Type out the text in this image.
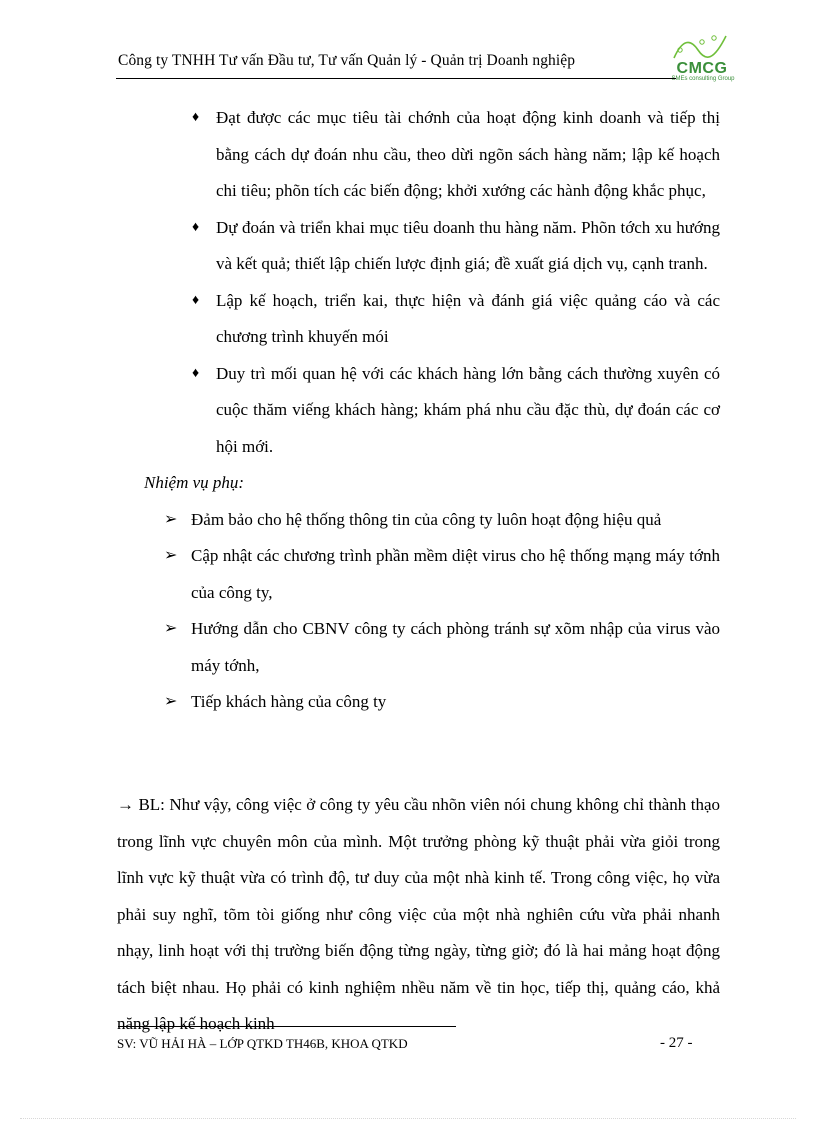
Công ty TNHH Tư vấn Đầu tư, Tư vấn Quản lý - Quản trị Doanh nghiệp	CMCG
SMEs consulting Group
♦ Đạt được các mục tiêu tài chớnh của hoạt động kinh doanh và tiếp thị bằng cách dự đoán nhu cầu, theo dừi ngõn sách hàng năm; lập kế hoạch chi tiêu; phõn tích các biến động; khởi xướng các hành động khắc phục,
♦ Dự đoán và triển khai mục tiêu doanh thu hàng năm. Phõn tớch xu hướng và kết quả; thiết lập chiến lược định giá; đề xuất giá dịch vụ, cạnh tranh.
♦ Lập kế hoạch, triển kai, thực hiện và đánh giá việc quảng cáo và các chương trình khuyến mói
♦ Duy trì mối quan hệ với các khách hàng lớn bằng cách thường xuyên có cuộc thăm viếng khách hàng; khám phá nhu cầu đặc thù, dự đoán các cơ hội mới.
Nhiệm vụ phụ:
➢ Đảm bảo cho hệ thống thông tin của công ty luôn hoạt động hiệu quả
➢ Cập nhật các chương trình phần mềm diệt virus cho hệ thống mạng máy tớnh của công ty,
➢ Hướng dẫn cho CBNV công ty cách phòng tránh sự xõm nhập của virus vào máy tớnh,
➢ Tiếp khách hàng của công ty
→ BL: Như vậy, công việc ở công ty yêu cầu nhõn viên nói chung không chỉ thành thạo trong lĩnh vực chuyên môn của mình. Một trưởng phòng kỹ thuật phải vừa giỏi trong lĩnh vực kỹ thuật vừa có trình độ, tư duy của một nhà kinh tế. Trong công việc, họ vừa phải suy nghĩ, tõm tòi giống như công việc của một nhà nghiên cứu vừa phải nhanh nhạy, linh hoạt với thị trường biến động từng ngày, từng giờ; đó là hai mảng hoạt động tách biệt nhau. Họ phải có kinh nghiệm nhều năm về tin học, tiếp thị, quảng cáo, khả năng lập kế hoạch kinh
SV: VŨ HẢI HÀ – LỚP QTKD TH46B, KHOA QTKD	- 27 -
